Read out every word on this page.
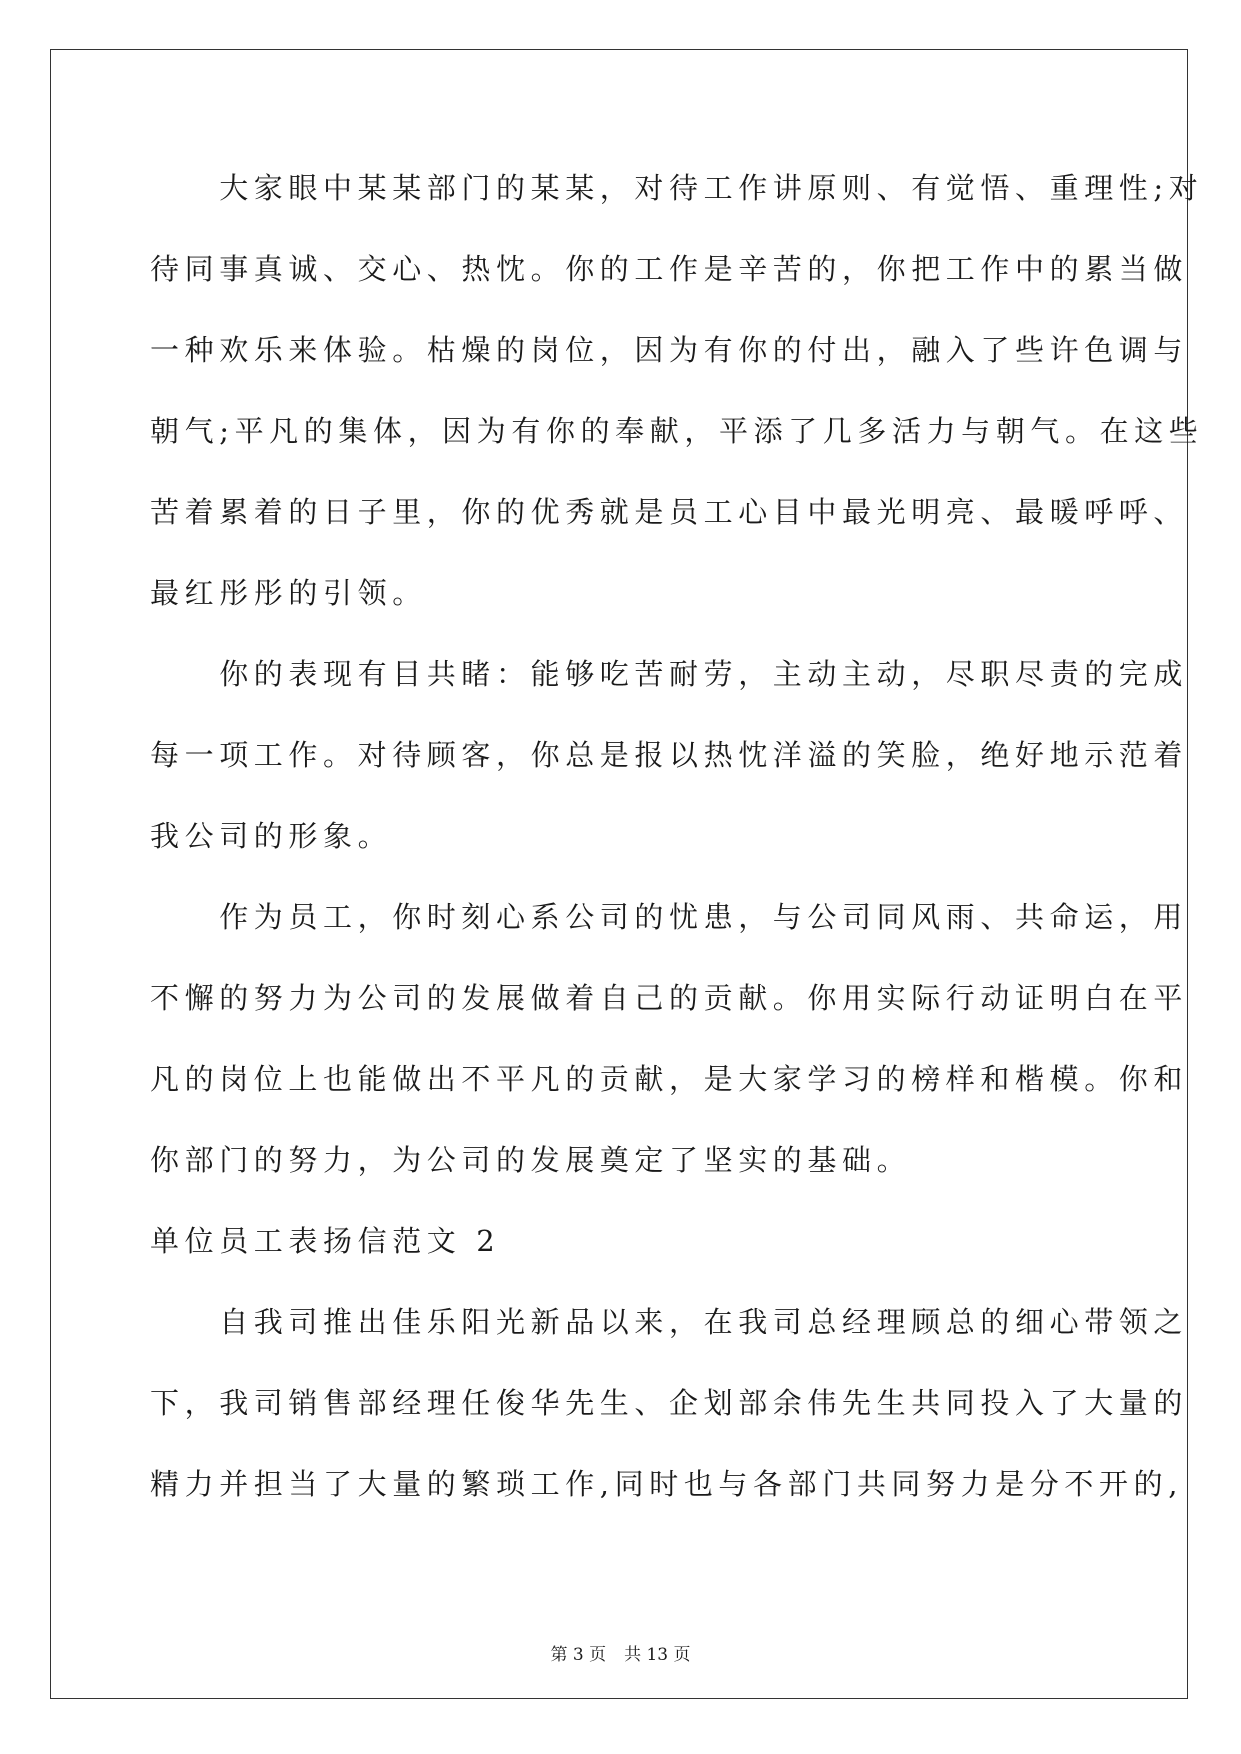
　　大家眼中某某部门的某某，对待工作讲原则、有觉悟、重理性;对
待同事真诚、交心、热忱。你的工作是辛苦的，你把工作中的累当做
一种欢乐来体验。枯燥的岗位，因为有你的付出，融入了些许色调与
朝气;平凡的集体，因为有你的奉献，平添了几多活力与朝气。在这些
苦着累着的日子里，你的优秀就是员工心目中最光明亮、最暖呼呼、
最红彤彤的引领。
　　你的表现有目共睹：能够吃苦耐劳，主动主动，尽职尽责的完成
每一项工作。对待顾客，你总是报以热忱洋溢的笑脸，绝好地示范着
我公司的形象。
　　作为员工，你时刻心系公司的忧患，与公司同风雨、共命运，用
不懈的努力为公司的发展做着自己的贡献。你用实际行动证明白在平
凡的岗位上也能做出不平凡的贡献，是大家学习的榜样和楷模。你和
你部门的努力，为公司的发展奠定了坚实的基础。
单位员工表扬信范文 2
　　自我司推出佳乐阳光新品以来，在我司总经理顾总的细心带领之
下，我司销售部经理任俊华先生、企划部余伟先生共同投入了大量的
精力并担当了大量的繁琐工作,同时也与各部门共同努力是分不开的,
第 3 页 共 13 页
